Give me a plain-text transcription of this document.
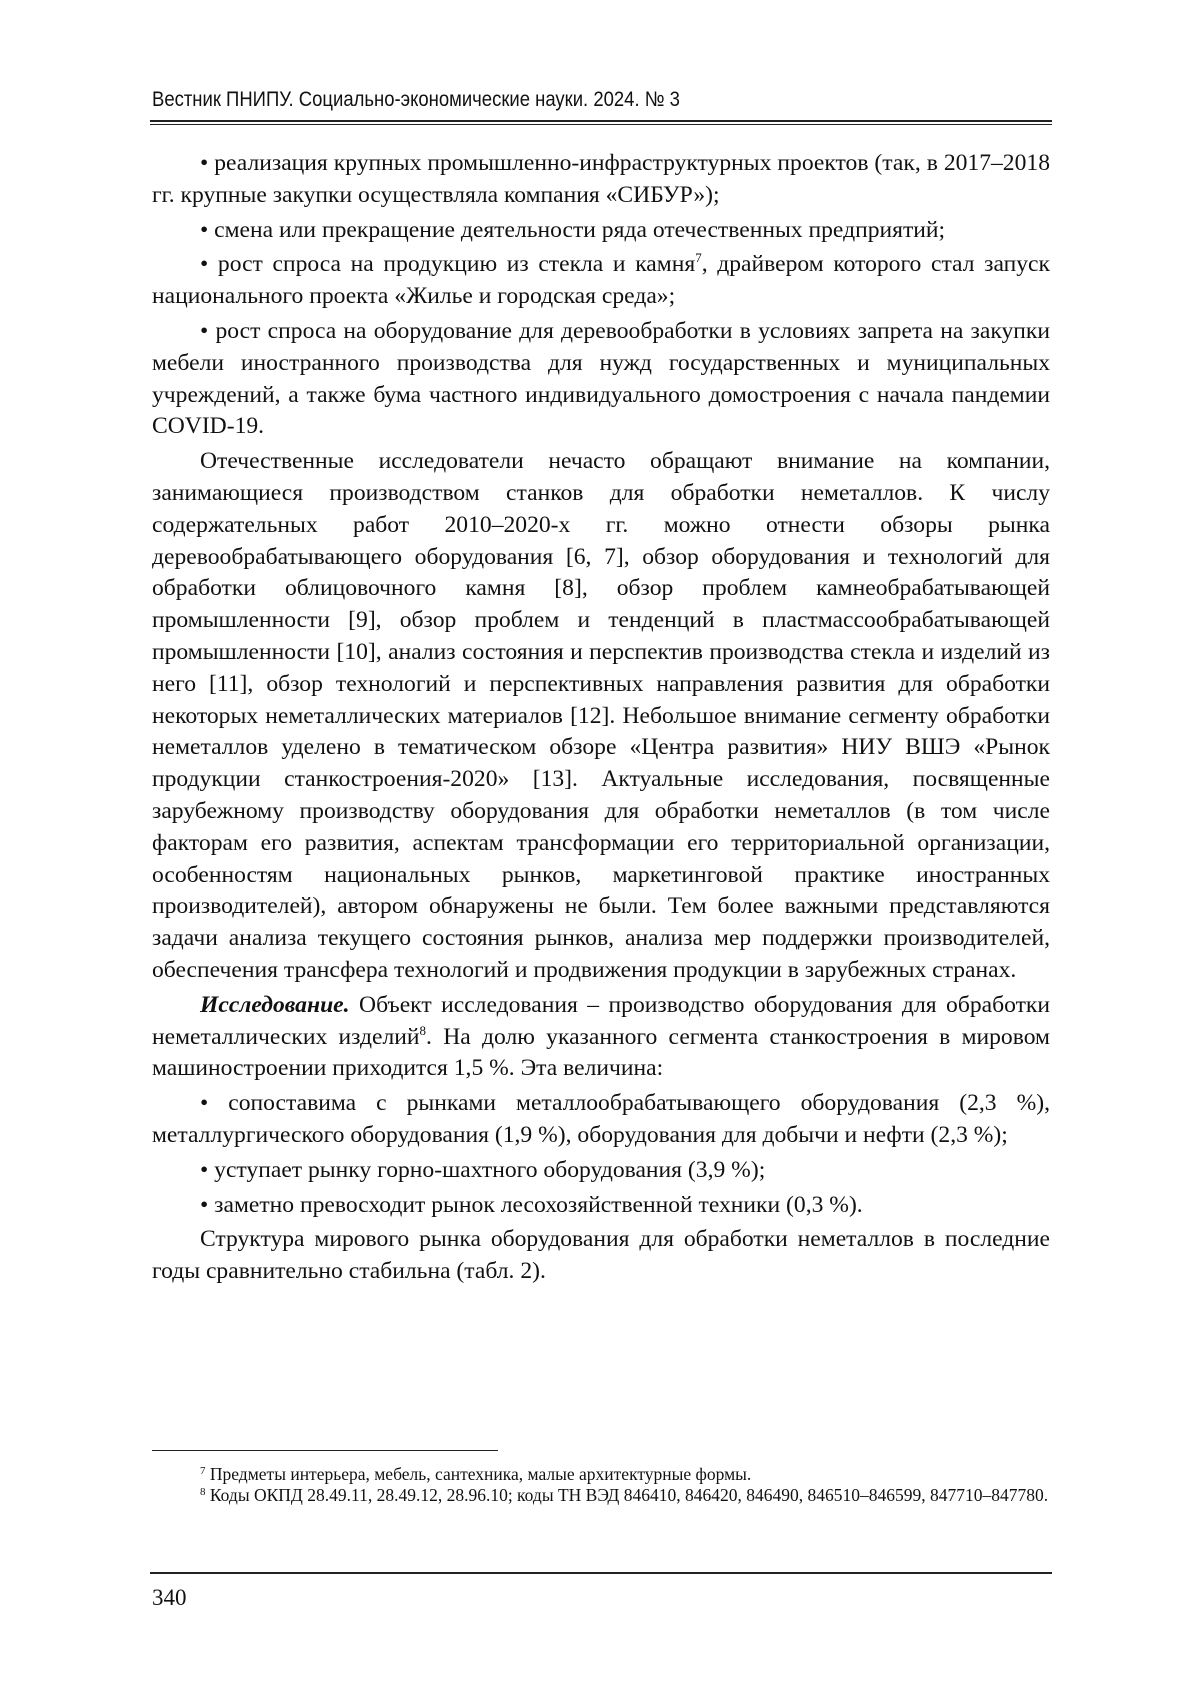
Вестник ПНИПУ. Социально-экономические науки. 2024. № 3

• реализация крупных промышленно-инфраструктурных проектов (так, в 2017–2018 гг. крупные закупки осуществляла компания «СИБУР»);

• смена или прекращение деятельности ряда отечественных предприятий;

• рост спроса на продукцию из стекла и камня$^7$, драйвером которого стал запуск национального проекта «Жилье и городская среда»;

• рост спроса на оборудование для деревообработки в условиях запрета на закупки мебели иностранного производства для нужд государственных и муниципальных учреждений, а также бума частного индивидуального домостроения с начала пандемии COVID-19.

Отечественные исследователи нечасто обращают внимание на компании, занимающиеся производством станков для обработки неметаллов. К числу содержательных работ 2010–2020-х гг. можно отнести обзоры рынка деревообрабатывающего оборудования [6, 7], обзор оборудования и технологий для обработки облицовочного камня [8], обзор проблем камнеобрабатывающей промышленности [9], обзор проблем и тенденций в пластмассообрабатывающей промышленности [10], анализ состояния и перспектив производства стекла и изделий из него [11], обзор технологий и перспективных направления развития для обработки некоторых неметаллических материалов [12]. Небольшое внимание сегменту обработки неметаллов уделено в тематическом обзоре «Центра развития» НИУ ВШЭ «Рынок продукции станкостроения-2020» [13]. Актуальные исследования, посвященные зарубежному производству оборудования для обработки неметаллов (в том числе факторам его развития, аспектам трансформации его территориальной организации, особенностям национальных рынков, маркетинговой практике иностранных производителей), автором обнаружены не были. Тем более важными представляются задачи анализа текущего состояния рынков, анализа мер поддержки производителей, обеспечения трансфера технологий и продвижения продукции в зарубежных странах.

Исследование. Объект исследования – производство оборудования для обработки неметаллических изделий$^8$. На долю указанного сегмента станкостроения в мировом машиностроении приходится 1,5 %. Эта величина:

• сопоставима с рынками металлообрабатывающего оборудования (2,3 %), металлургического оборудования (1,9 %), оборудования для добычи и нефти (2,3 %);

• уступает рынку горно-шахтного оборудования (3,9 %);

• заметно превосходит рынок лесохозяйственной техники (0,3 %).

Структура мирового рынка оборудования для обработки неметаллов в последние годы сравнительно стабильна (табл. 2).

$^7$ Предметы интерьера, мебель, сантехника, малые архитектурные формы.

$^8$ Коды ОКПД 28.49.11, 28.49.12, 28.96.10; коды ТН ВЭД 846410, 846420, 846490, 846510–846599, 847710–847780.

340
